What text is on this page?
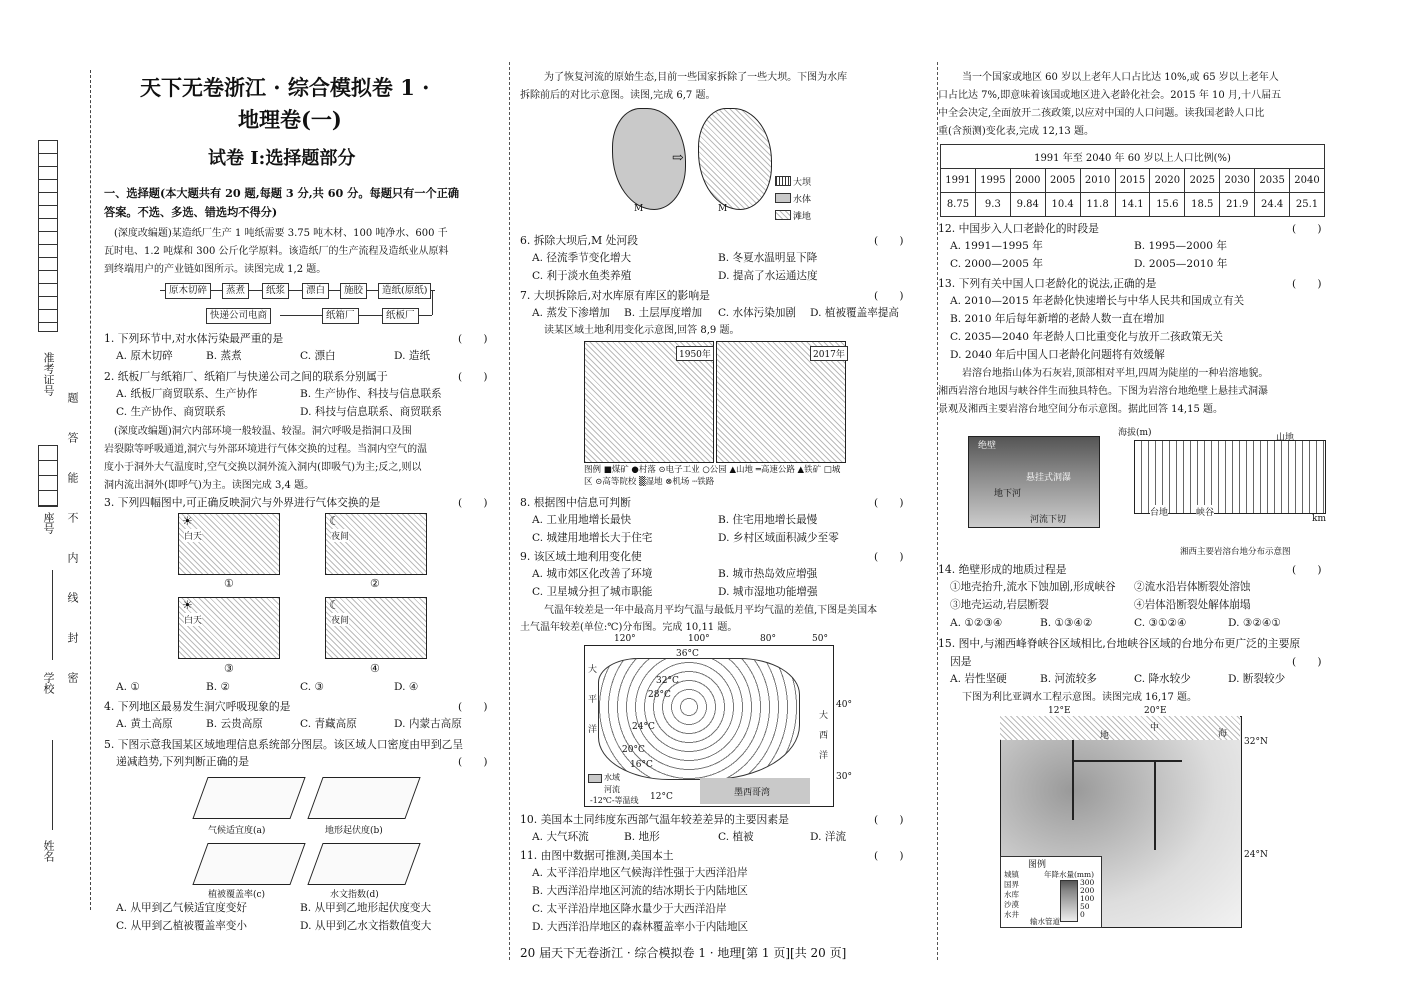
准考证号
座号
学校
姓名
题
答
能
不
内
线
封
密
天下无卷浙江 · 综合模拟卷 1 ·
地理卷(一)
试卷 Ⅰ:选择题部分
一、选择题(本大题共有 20 题,每题 3 分,共 60 分。每题只有一个正确
答案。不选、多选、错选均不得分)
(深度改编题)某造纸厂生产 1 吨纸需要 3.75 吨木材、100 吨净水、600 千
瓦时电、1.2 吨煤和 300 公斤化学原料。该造纸厂的生产流程及造纸业从原料
到终端用户的产业链如图所示。读图完成 1,2 题。
原木切碎	蒸煮	纸浆	漂白	施胶	造纸(原纸)
快递公司电商	纸箱厂	纸板厂
1. 下列环节中,对水体污染最严重的是	(　　)
A. 原木切碎	B. 蒸煮	C. 漂白	D. 造纸
2. 纸板厂与纸箱厂、纸箱厂与快递公司之间的联系分别属于	(　　)
A. 纸板厂商贸联系、生产协作	B. 生产协作、科技与信息联系
C. 生产协作、商贸联系	D. 科技与信息联系、商贸联系
(深度改编题)洞穴内部环境一般较温、较湿。洞穴呼吸是指洞口及围
岩裂隙等呼吸通道,洞穴与外部环境进行气体交换的过程。当洞内空气的温
度小于洞外大气温度时,空气交换以洞外流入洞内(即吸气)为主;反之,则以
洞内流出洞外(即呼气)为主。读图完成 3,4 题。
3. 下列四幅图中,可正确反映洞穴与外界进行气体交换的是	(　　)
☀
白天
①
☾
夜间
②
☀
白天
③
☾
夜间
④
A. ①	B. ②	C. ③	D. ④
4. 下列地区最易发生洞穴呼吸现象的是	(　　)
A. 黄土高原	B. 云贵高原	C. 青藏高原	D. 内蒙古高原
5. 下图示意我国某区域地理信息系统部分图层。该区域人口密度由甲到乙呈
递减趋势,下列判断正确的是	(　　)
气候适宜度(a)	地形起伏度(b)
植被覆盖率(c)	水文指数(d)
A. 从甲到乙气候适宜度变好	B. 从甲到乙地形起伏度变大
C. 从甲到乙植被覆盖率变小	D. 从甲到乙水文指数值变大
为了恢复河流的原始生态,目前一些国家拆除了一些大坝。下图为水库
拆除前后的对比示意图。读图,完成 6,7 题。
⇨
M	M
大坝
水体
滩地
6. 拆除大坝后,M 处河段	(　　)
A. 径流季节变化增大	B. 冬夏水温明显下降
C. 利于淡水鱼类养殖	D. 提高了水运通达度
7. 大坝拆除后,对水库原有库区的影响是	(　　)
A. 蒸发下渗增加 B. 土层厚度增加 C. 水体污染加剧 D. 植被覆盖率提高
读某区域土地利用变化示意图,回答 8,9 题。
1950年	2017年
图例 ■煤矿 ●村落 ⊙电子工业 ○公园 ▲山地 ═高速公路 ▲铁矿 □城区 ⊙高等院校 ▒湿地 ⊗机场 ┄铁路
8. 根据图中信息可判断	(　　)
A. 工业用地增长最快	B. 住宅用地增长最慢
C. 城建用地增长大于住宅	D. 乡村区域面积减少至零
9. 该区域土地利用变化使	(　　)
A. 城市郊区化改善了环境	B. 城市热岛效应增强
C. 卫星城分担了城市职能	D. 城市湿地功能增强
气温年较差是一年中最高月平均气温与最低月平均气温的差值,下图是美国本
土气温年较差(单位:℃)分布图。完成 10,11 题。
120°	100°	80°	50°
36°C
32°C
28°C
24°C
20°C
16°C
12°C
40°
30°
大
平
洋
大
西
洋
墨西哥湾
水域
河流
-12℃-等温线
10. 美国本土同纬度东西部气温年较差差异的主要因素是	(　　)
A. 大气环流	B. 地形	C. 植被	D. 洋流
11. 由图中数据可推测,美国本土	(　　)
A. 太平洋沿岸地区气候海洋性强于大西洋沿岸
B. 大西洋沿岸地区河流的结冰期长于内陆地区
C. 太平洋沿岸地区降水量少于大西洋沿岸
D. 大西洋沿岸地区的森林覆盖率小于内陆地区
当一个国家或地区 60 岁以上老年人口占比达 10%,或 65 岁以上老年人
口占比达 7%,即意味着该国或地区进入老龄化社会。2015 年 10 月,十八届五
中全会决定,全面放开二孩政策,以应对中国的人口问题。读我国老龄人口比
重(含预测)变化表,完成 12,13 题。
1991 年至 2040 年 60 岁以上人口比例(%)										
1991	1995	2000	2005	2010	2015	2020	2025	2030	2035	2040
8.75	9.3	9.84	10.4	11.8	14.1	15.6	18.5	21.9	24.4	25.1
12. 中国步入人口老龄化的时段是	(　　)
A. 1991—1995 年	B. 1995—2000 年
C. 2000—2005 年	D. 2005—2010 年
13. 下列有关中国人口老龄化的说法,正确的是	(　　)
A. 2010—2015 年老龄化快速增长与中华人民共和国成立有关
B. 2010 年后每年新增的老龄人数一直在增加
C. 2035—2040 年老龄人口比重变化与放开二孩政策无关
D. 2040 年后中国人口老龄化问题将有效缓解
岩溶台地指山体为石灰岩,顶部相对平坦,四周为陡崖的一种岩溶地貌。
湘西岩溶台地因与峡谷伴生而独具特色。下图为岩溶台地绝壁上悬挂式洞瀑
景观及湘西主要岩溶台地空间分布示意图。据此回答 14,15 题。
绝壁
悬挂式洞瀑
地下河
河流下切
海拔(m)
台地	峡谷
山地
km
湘西主要岩溶台地分布示意图
14. 绝壁形成的地质过程是	(　　)
①地壳抬升,流水下蚀加剧,形成峡谷 ②流水沿岩体断裂处溶蚀
③地壳运动,岩层断裂	④岩体沿断裂处解体崩塌
A. ①②③④	B. ①③④②	C. ③①②④	D. ③②④①
15. 图中,与湘西峰脊峡谷区域相比,台地峡谷区域的台地分布更广泛的主要原
因是	(　　)
A. 岩性坚硬	B. 河流较多	C. 降水较少	D. 断裂较少
下图为利比亚调水工程示意图。读图完成 16,17 题。
地
中
海
12°E	20°E
32°N
24°N
图例
城镇
国界
水库
沙漠
水井
输水管道
年降水量(mm)
300
200
100
50
0
20 届天下无卷浙江 · 综合模拟卷 1 · 地理[第 1 页][共 20 页]
